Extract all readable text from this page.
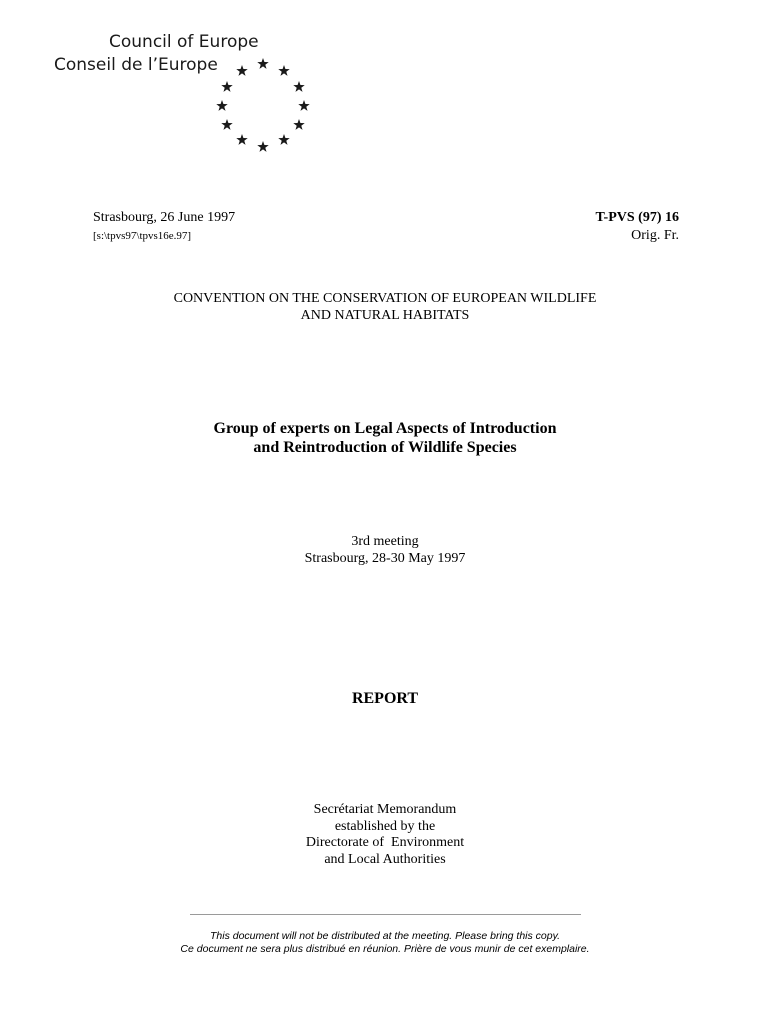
Council of Europe
Conseil de l’Europe

Strasbourg, 26 June 1997

[s:\tpvs97\tpvs16e.97]

T-PVS (97) 16

Orig. Fr.

CONVENTION ON THE CONSERVATION OF EUROPEAN WILDLIFE
AND NATURAL HABITATS
Group of experts on Legal Aspects of Introduction
and Reintroduction of Wildlife Species
3rd meeting
Strasbourg, 28-30 May 1997
REPORT
Secrétariat Memorandum
established by the
Directorate of  Environment
and Local Authorities
This document will not be distributed at the meeting. Please bring this copy.
Ce document ne sera plus distribué en réunion. Prière de vous munir de cet exemplaire.
